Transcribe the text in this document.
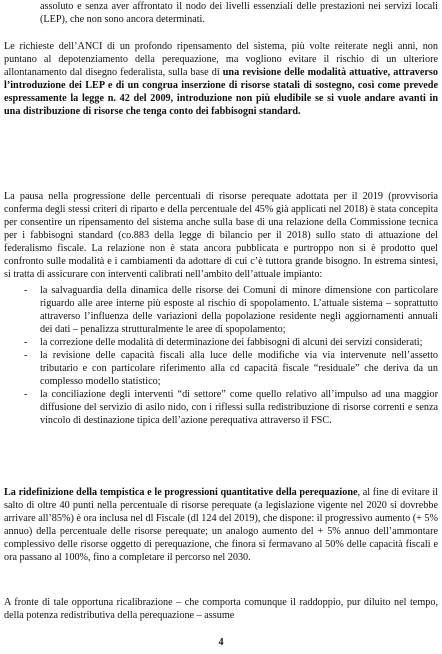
assoluto e senza aver affrontato il nodo dei livelli essenziali delle prestazioni nei servizi locali (LEP), che non sono ancora determinati.

Le richieste dell’ANCI di un profondo ripensamento del sistema, più volte reiterate negli anni, non puntano al depotenziamento della perequazione, ma vogliono evitare il rischio di un ulteriore allontanamento dal disegno federalista, sulla base di una revisione delle modalità attuative, attraverso l’introduzione dei LEP e di un congrua inserzione di risorse statali di sostegno, così come prevede espressamente la legge n. 42 del 2009, introduzione non più eludibile se si vuole andare avanti in una distribuzione di risorse che tenga conto dei fabbisogni standard.

La pausa nella progressione delle percentuali di risorse perequate adottata per il 2019 (provvisoria conferma degli stessi criteri di riparto e della percentuale del 45% già applicati nel 2018) è stata concepita per consentire un ripensamento del sistema anche sulla base di una relazione della Commissione tecnica per i fabbisogni standard (co.883 della legge di bilancio per il 2018) sullo stato di attuazione del federalismo fiscale. La relazione non è stata ancora pubblicata e purtroppo non si è prodotto quel confronto sulle modalità e i cambiamenti da adottare di cui c’è tuttora grande bisogno. In estrema sintesi, si tratta di assicurare con interventi calibrati nell’ambito dell’attuale impianto:

- la salvaguardia della dinamica delle risorse dei Comuni di minore dimensione con particolare riguardo alle aree interne più esposte al rischio di spopolamento. L’attuale sistema – soprattutto attraverso l’influenza delle variazioni della popolazione residente negli aggiornamenti annuali dei dati – penalizza strutturalmente le aree di spopolamento;
- la correzione delle modalità di determinazione dei fabbisogni di alcuni dei servizi considerati;
- la revisione delle capacità fiscali alla luce delle modifiche via via intervenute nell’assetto tributario e con particolare riferimento alla cd capacità fiscale “residuale” che deriva da un complesso modello statistico;
- la conciliazione degli interventi “di settore” come quello relativo all’impulso ad una maggior diffusione del servizio di asilo nido, con i riflessi sulla redistribuzione di risorse correnti e senza vincolo di destinazione tipica dell’azione perequativa attraverso il FSC.

La ridefinizione della tempistica e le progressioni quantitative della perequazione, al fine di evitare il salto di oltre 40 punti nella percentuale di risorse perequate (a legislazione vigente nel 2020 si dovrebbe arrivare all’85%) è ora inclusa nel dl Fiscale (dl 124 del 2019), che dispone: il progressivo aumento (+ 5% annuo) della percentuale delle risorse perequate; un analogo aumento del + 5% annuo dell’ammontare complessivo delle risorse oggetto di perequazione, che finora si fermavano al 50% delle capacità fiscali e ora passano al 100%, fino a completare il percorso nel 2030.

A fronte di tale opportuna ricalibrazione – che comporta comunque il raddoppio, pur diluito nel tempo, della potenza redistributiva della perequazione – assume

4
